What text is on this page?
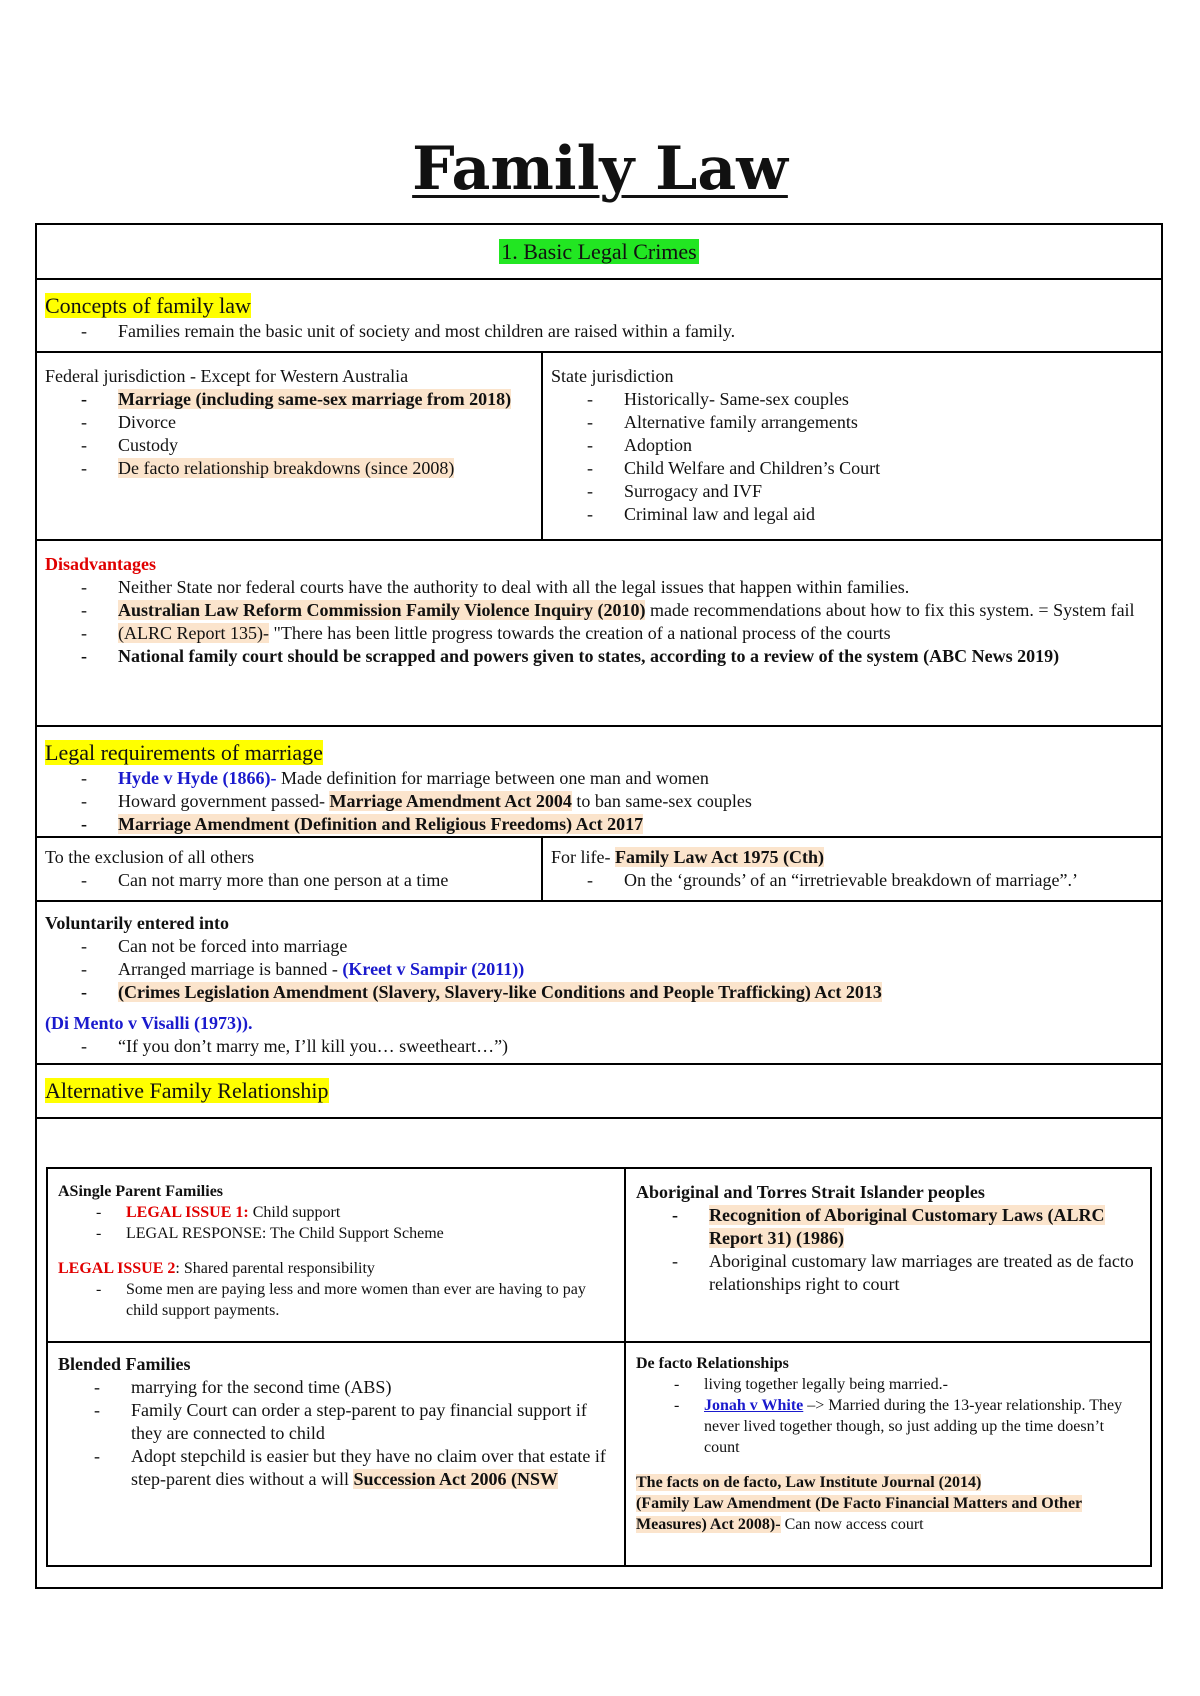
Family Law
1. Basic Legal Crimes
Concepts of family law
- Families remain the basic unit of society and most children are raised within a family.
Federal jurisdiction - Except for Western Australia
- Marriage (including same-sex marriage from 2018)
- Divorce
- Custody
- De facto relationship breakdowns (since 2008)
State jurisdiction
- Historically- Same-sex couples
- Alternative family arrangements
- Adoption
- Child Welfare and Children’s Court
- Surrogacy and IVF
- Criminal law and legal aid
Disadvantages
- Neither State nor federal courts have the authority to deal with all the legal issues that happen within families.
- Australian Law Reform Commission Family Violence Inquiry (2010) made recommendations about how to fix this system. = System fail
- (ALRC Report 135)- "There has been little progress towards the creation of a national process of the courts
- National family court should be scrapped and powers given to states, according to a review of the system (ABC News 2019)
Legal requirements of marriage
- Hyde v Hyde (1866)- Made definition for marriage between one man and women
- Howard government passed- Marriage Amendment Act 2004 to ban same-sex couples
- Marriage Amendment (Definition and Religious Freedoms) Act 2017
To the exclusion of all others
- Can not marry more than one person at a time
For life- Family Law Act 1975 (Cth)
- On the ‘grounds’ of an “irretrievable breakdown of marriage”.’
Voluntarily entered into
- Can not be forced into marriage
- Arranged marriage is banned - (Kreet v Sampir (2011))
- (Crimes Legislation Amendment (Slavery, Slavery-like Conditions and People Trafficking) Act 2013
(Di Mento v Visalli (1973)).
- “If you don’t marry me, I’ll kill you… sweetheart…”)
Alternative Family Relationship
ASingle Parent Families
- LEGAL ISSUE 1: Child support
- LEGAL RESPONSE: The Child Support Scheme
LEGAL ISSUE 2: Shared parental responsibility
- Some men are paying less and more women than ever are having to pay child support payments.
Aboriginal and Torres Strait Islander peoples
- Recognition of Aboriginal Customary Laws (ALRC Report 31) (1986)
- Aboriginal customary law marriages are treated as de facto relationships right to court
Blended Families
- marrying for the second time (ABS)
- Family Court can order a step-parent to pay financial support if they are connected to child
- Adopt stepchild is easier but they have no claim over that estate if step-parent dies without a will Succession Act 2006 (NSW
De facto Relationships
- living together legally being married.-
- Jonah v White –> Married during the 13-year relationship. They never lived together though, so just adding up the time doesn’t count
The facts on de facto, Law Institute Journal (2014)
(Family Law Amendment (De Facto Financial Matters and Other Measures) Act 2008)- Can now access court
